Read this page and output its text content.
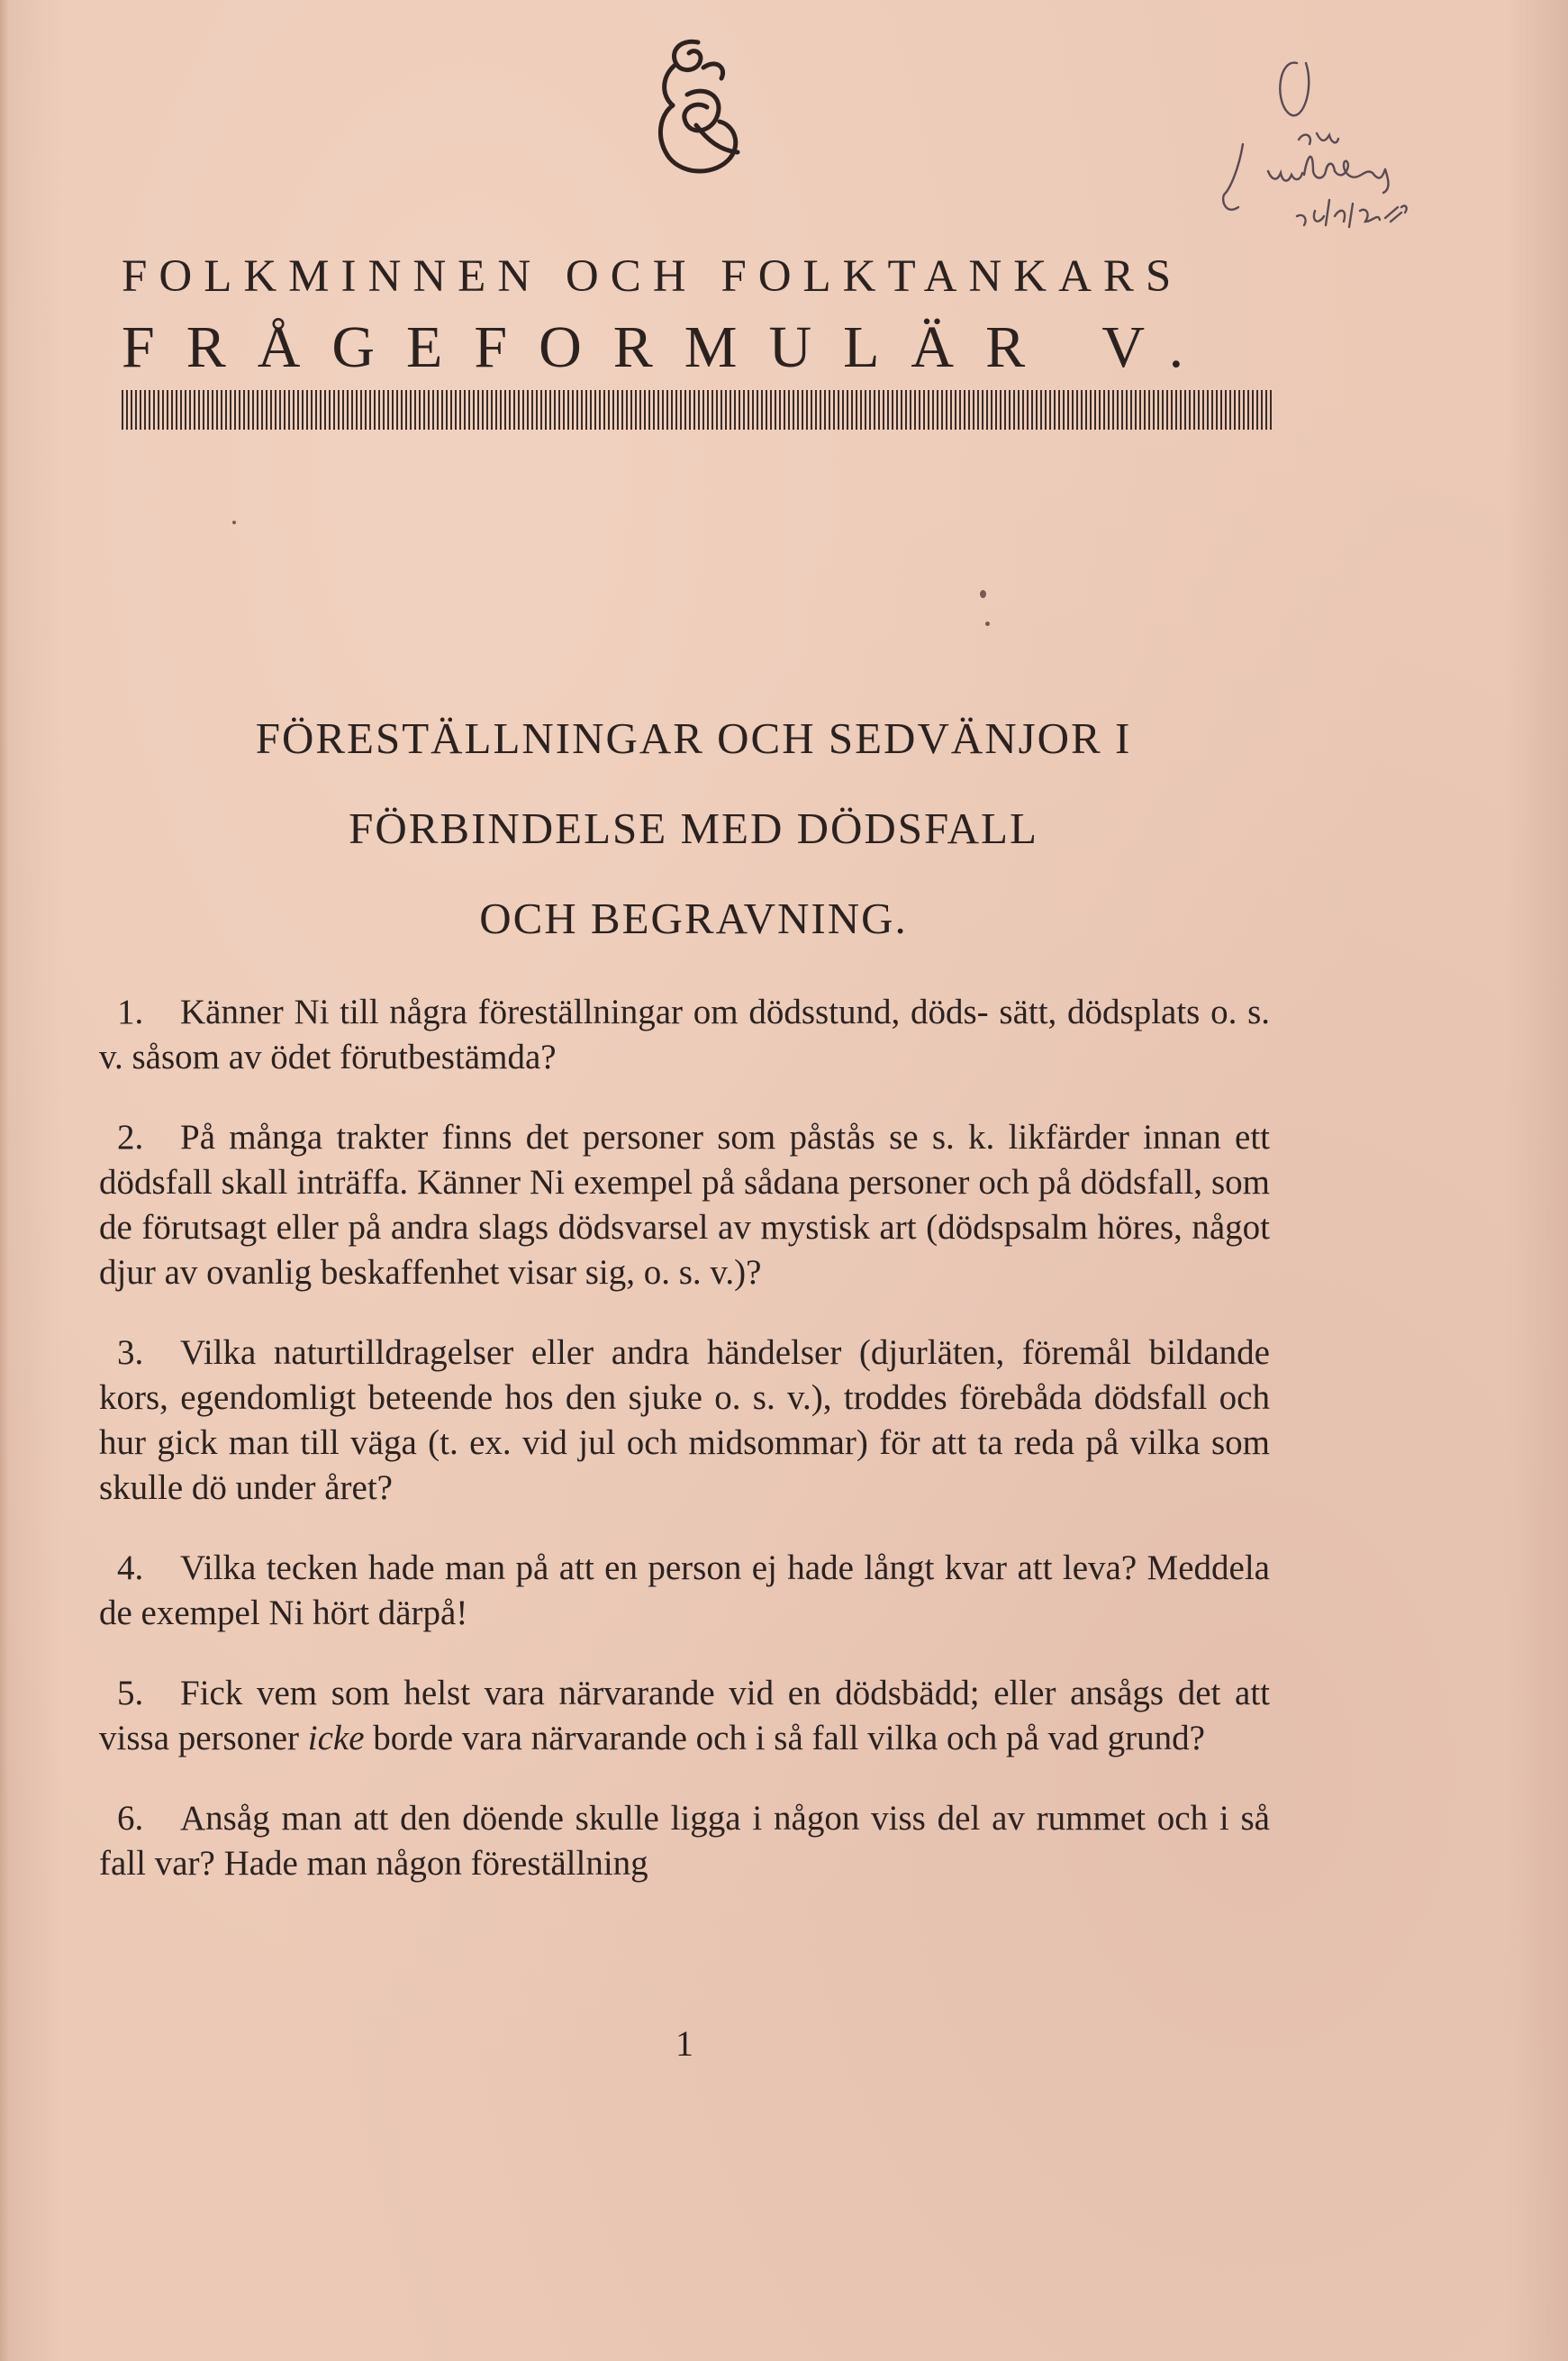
FOLKMINNEN OCH FOLKTANKARS
FRÅGEFORMULÄR V.
FÖRESTÄLLNINGAR OCH SEDVÄNJOR I
FÖRBINDELSE MED DÖDSFALL
OCH BEGRAVNING.

1. Känner Ni till några föreställningar om dödsstund, döds- sätt, dödsplats o. s. v. såsom av ödet förutbestämda?

2. På många trakter finns det personer som påstås se s. k. likfärder innan ett dödsfall skall inträffa. Känner Ni exempel på sådana personer och på dödsfall, som de förutsagt eller på andra slags dödsvarsel av mystisk art (dödspsalm höres, något djur av ovanlig beskaffenhet visar sig, o. s. v.)?

3. Vilka naturtilldragelser eller andra händelser (djurläten, föremål bildande kors, egendomligt beteende hos den sjuke o. s. v.), troddes förebåda dödsfall och hur gick man till väga (t. ex. vid jul och midsommar) för att ta reda på vilka som skulle dö under året?

4. Vilka tecken hade man på att en person ej hade långt kvar att leva? Meddela de exempel Ni hört därpå!

5. Fick vem som helst vara närvarande vid en dödsbädd; eller ansågs det att vissa personer icke borde vara närvarande och i så fall vilka och på vad grund?

6. Ansåg man att den döende skulle ligga i någon viss del av rummet och i så fall var? Hade man någon föreställning

1
